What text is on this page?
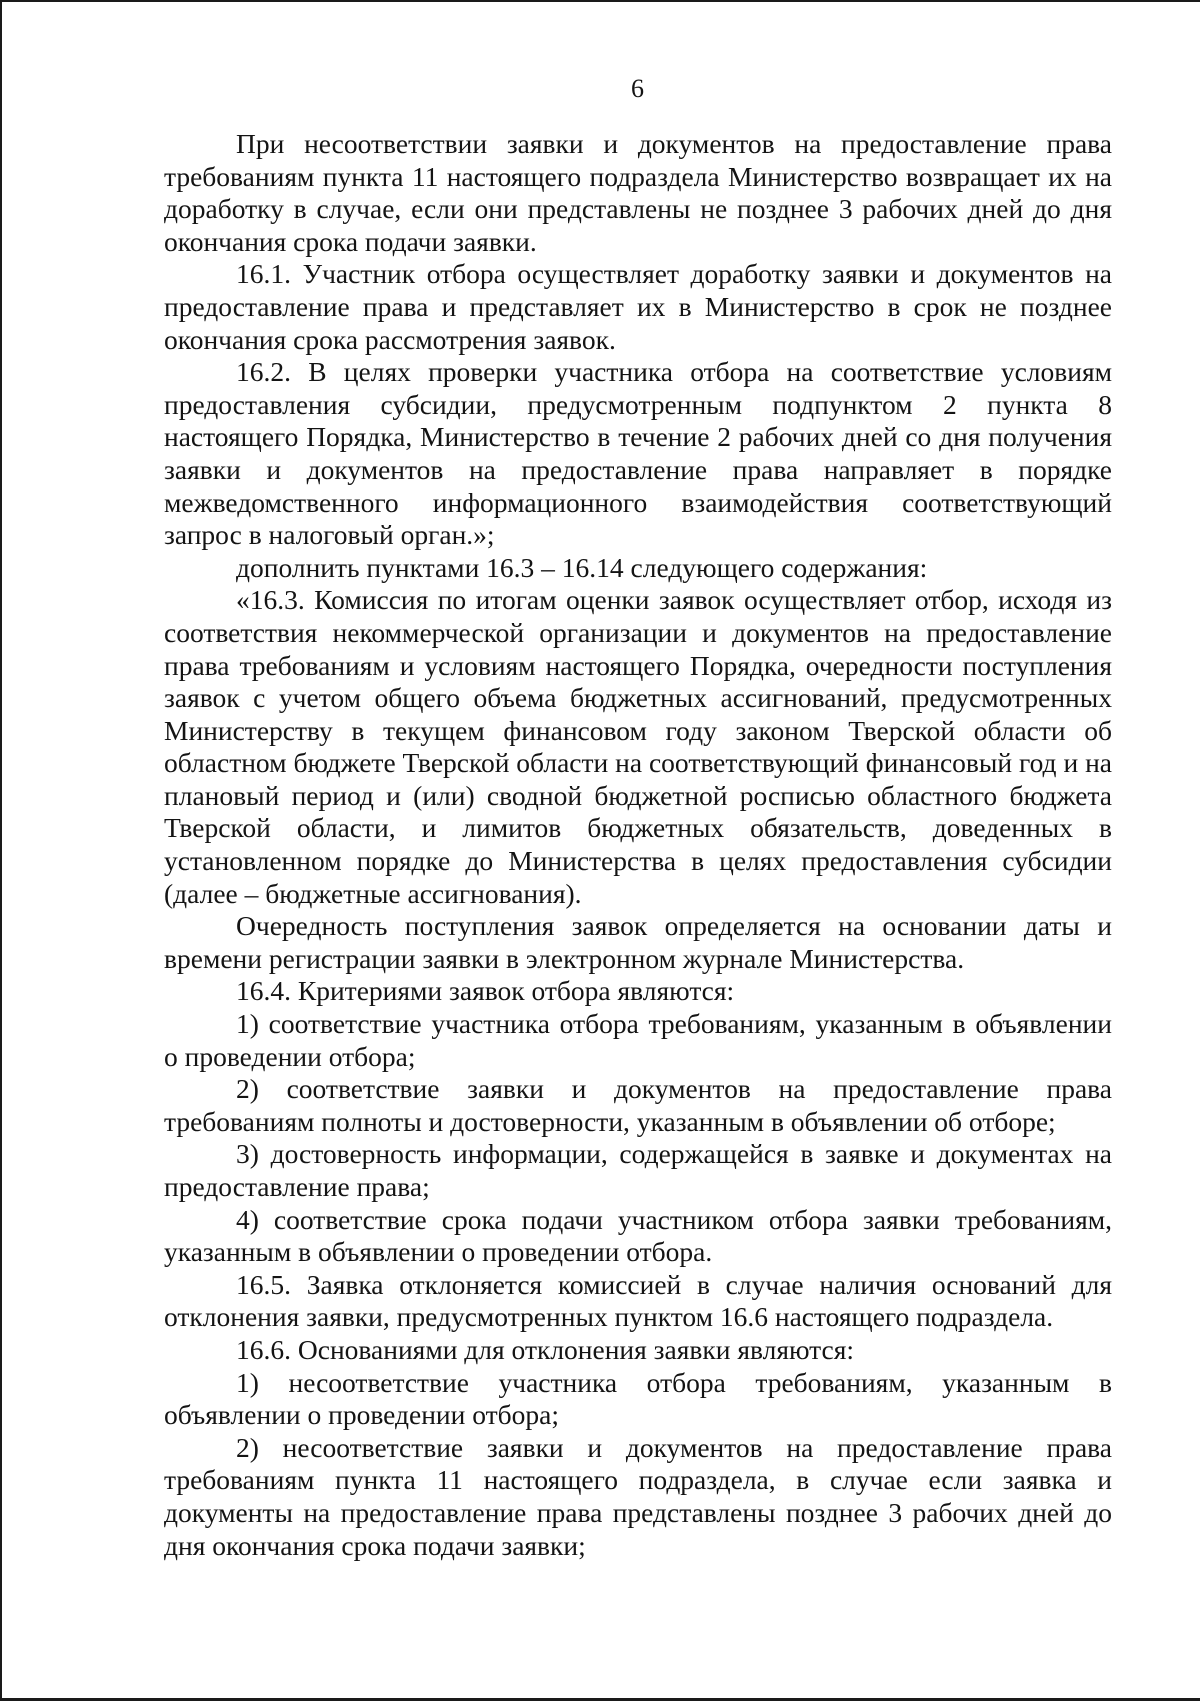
6

При несоответствии заявки и документов на предоставление права требованиям пункта 11 настоящего подраздела Министерство возвращает их на доработку в случае, если они представлены не позднее 3 рабочих дней до дня окончания срока подачи заявки.

16.1. Участник отбора осуществляет доработку заявки и документов на предоставление права и представляет их в Министерство в срок не позднее окончания срока рассмотрения заявок.

16.2. В целях проверки участника отбора на соответствие условиям предоставления субсидии, предусмотренным подпунктом 2 пункта 8 настоящего Порядка, Министерство в течение 2 рабочих дней со дня получения заявки и документов на предоставление права направляет в порядке межведомственного информационного взаимодействия соответствующий запрос в налоговый орган.»;

дополнить пунктами 16.3 – 16.14 следующего содержания:

«16.3. Комиссия по итогам оценки заявок осуществляет отбор, исходя из соответствия некоммерческой организации и документов на предоставление права требованиям и условиям настоящего Порядка, очередности поступления заявок с учетом общего объема бюджетных ассигнований, предусмотренных Министерству в текущем финансовом году законом Тверской области об областном бюджете Тверской области на соответствующий финансовый год и на плановый период и (или) сводной бюджетной росписью областного бюджета Тверской области, и лимитов бюджетных обязательств, доведенных в установленном порядке до Министерства в целях предоставления субсидии (далее – бюджетные ассигнования).

Очередность поступления заявок определяется на основании даты и времени регистрации заявки в электронном журнале Министерства.

16.4. Критериями заявок отбора являются:

1) соответствие участника отбора требованиям, указанным в объявлении о проведении отбора;

2) соответствие заявки и документов на предоставление права требованиям полноты и достоверности, указанным в объявлении об отборе;

3) достоверность информации, содержащейся в заявке и документах на предоставление права;

4) соответствие срока подачи участником отбора заявки требованиям, указанным в объявлении о проведении отбора.

16.5. Заявка отклоняется комиссией в случае наличия оснований для отклонения заявки, предусмотренных пунктом 16.6 настоящего подраздела.

16.6. Основаниями для отклонения заявки являются:

1) несоответствие участника отбора требованиям, указанным в объявлении о проведении отбора;

2) несоответствие заявки и документов на предоставление права требованиям пункта 11 настоящего подраздела, в случае если заявка и документы на предоставление права представлены позднее 3 рабочих дней до дня окончания срока подачи заявки;
